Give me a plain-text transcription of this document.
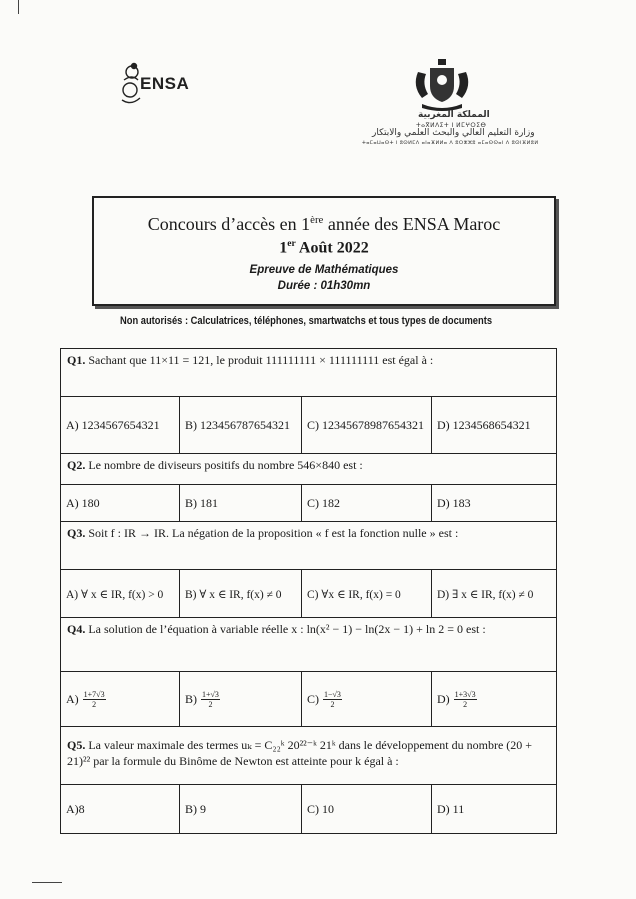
ENSA
المملكة المغربية
ⵜⴰⴳⵍⴷⵉⵜ ⵏ ⵍⵎⵖⵔⵉⴱ
وزارة التعليم العالي والبحث العلمي والابتكار
ⵜⴰⵎⴰⵡⴰⵙⵜ ⵏ ⵓⵙⵍⵎⴷ ⴰⵏⴰⴼⵍⵍⴰ ⴷ ⵓⵔⵣⵣⵓ ⴰⵎⴰⵙⵙⴰⵏ ⴷ ⵓⵙⵏⴼⵍⵓⵍ
Concours d’accès en 1ère année des ENSA Maroc
1er Août 2022
Epreuve de Mathématiques
Durée : 01h30mn
Non autorisés : Calculatrices, téléphones, smartwatchs et tous types de documents
Q1. Sachant que 11×11 = 121, le produit 111111111 × 111111111 est égal à :
A) 1234567654321	B) 123456787654321	C) 12345678987654321	D) 1234568654321
Q2. Le nombre de diviseurs positifs du nombre 546×840 est :
A) 180	B) 181	C) 182	D) 183
Q3. Soit f : IR → IR. La négation de la proposition « f est la fonction nulle » est :
A) ∀ x ∈ IR, f(x) > 0	B) ∀ x ∈ IR, f(x) ≠ 0	C) ∀x ∈ IR, f(x) = 0	D) ∃ x ∈ IR, f(x) ≠ 0
Q4. La solution de l’équation à variable réelle x : ln(x² − 1) − ln(2x − 1) + ln 2 = 0 est :
$A) \frac{1+7√3}{2}$	$B) \frac{1+√3}{2}$	$C) \frac{1-√3}{2}$	$D) \frac{1+3√3}{2}$
Q5. La valeur maximale des termes uₖ = C₂₂ᵏ 20²²⁻ᵏ 21ᵏ dans le développement du nombre (20 + 21)²² par la formule du Binôme de Newton est atteinte pour k égal à :
A)8	B) 9	C) 10	D) 11
